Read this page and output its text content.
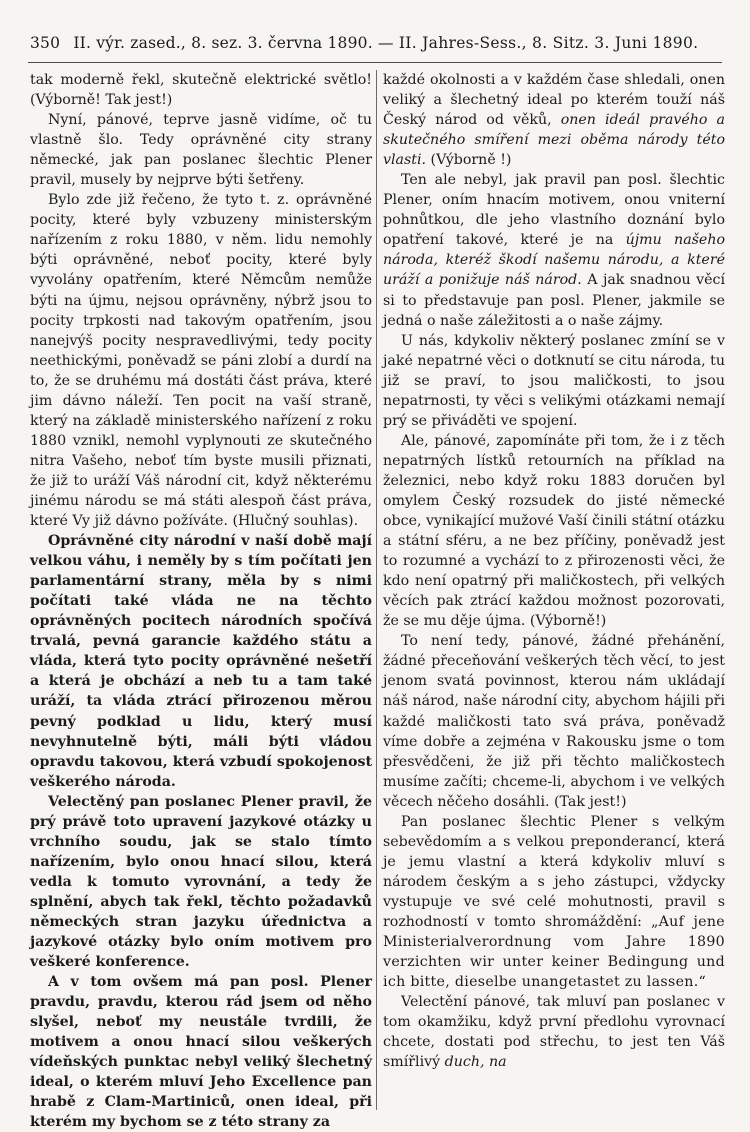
350 II. výr. zased., 8. sez. 3. června 1890. — II. Jahres-Sess., 8. Sitz. 3. Juni 1890.

tak moderně řekl, skutečně elektrické světlo! (Výborně! Tak jest!)

Nyní, pánové, teprve jasně vidíme, oč tu vlastně šlo. Tedy oprávněné city strany německé, jak pan poslanec šlechtic Plener pravil, musely by nejprve býti šetřeny.

Bylo zde již řečeno, že tyto t. z. oprávněné pocity, které byly vzbuzeny ministerským nařízením z roku 1880, v něm. lidu nemohly býti oprávněné, neboť pocity, které byly vyvolány opatřením, které Němcům nemůže býti na újmu, nejsou oprávněny, nýbrž jsou to pocity trpkosti nad takovým opatřením, jsou nanejvýš pocity nespravedlivými, tedy pocity neethickými, poněvadž se páni zlobí a durdí na to, že se druhému má dostáti část práva, které jim dávno náleží. Ten pocit na vaší straně, který na základě ministerského nařízení z roku 1880 vznikl, nemohl vyplynouti ze skutečného nitra Vašeho, neboť tím byste musili přiznati, že již to uráží Váš národní cit, když některému jinému národu se má státi alespoň část práva, které Vy již dávno požíváte. (Hlučný souhlas).

Oprávněné city národní v naší době mají velkou váhu, i neměly by s tím počítati jen parlamentární strany, měla by s nimi počítati také vláda ne na těchto oprávněných pocitech národních spočívá trvalá, pevná garancie každého státu a vláda, která tyto pocity oprávněné nešetří a která je obchází a neb tu a tam také uráží, ta vláda ztrácí přirozenou měrou pevný podklad u lidu, který musí nevyhnutelně býti, máli býti vládou opravdu takovou, která vzbudí spokojenost veškerého národa.

Velectěný pan poslanec Plener pravil, že prý právě toto upravení jazykové otázky u vrchního soudu, jak se stalo tímto nařízením, bylo onou hnací silou, která vedla k tomuto vyrovnání, a tedy že splnění, abych tak řekl, těchto požadavků německých stran jazyku úřednictva a jazykové otázky bylo oním motivem pro veškeré konference.

A v tom ovšem má pan posl. Plener pravdu, pravdu, kterou rád jsem od něho slyšel, neboť my neustále tvrdili, že motivem a onou hnací silou veškerých vídeňských punktac nebyl veliký šlechetný ideal, o kterém mluví Jeho Excellence pan hrabě z Clam-Martiniců, onen ideal, při kterém my bychom se z této strany za

každé okolnosti a v každém čase shledali, onen veliký a šlechetný ideal po kterém touží náš Český národ od věků, onen ideál pravého a skutečného smíření mezi oběma národy této vlasti. (Výborně !)

Ten ale nebyl, jak pravil pan posl. šlechtic Plener, oním hnacím motivem, onou vniterní pohnůtkou, dle jeho vlastního doznání bylo opatření takové, které je na újmu našeho národa, kteréž škodí našemu národu, a které uráží a ponižuje náš národ. A jak snadnou věcí si to představuje pan posl. Plener, jakmile se jedná o naše záležitosti a o naše zájmy.

U nás, kdykoliv některý poslanec zmíní se v jaké nepatrné věci o dotknutí se citu národa, tu již se praví, to jsou maličkosti, to jsou nepatrnosti, ty věci s velikými otázkami nemají prý se přiváděti ve spojení.

Ale, pánové, zapomínáte při tom, že i z těch nepatrných lístků retourních na příklad na železnici, nebo když roku 1883 doručen byl omylem Český rozsudek do jisté německé obce, vynikající mužové Vaší činili státní otázku a státní sféru, a ne bez příčiny, poněvadž jest to rozumné a vychází to z přirozenosti věci, že kdo není opatrný při maličkostech, při velkých věcích pak ztrácí každou možnost pozorovati, že se mu děje újma. (Výborně!)

To není tedy, pánové, žádné přehánění, žádné přeceňování veškerých těch věcí, to jest jenom svatá povinnost, kterou nám ukládají náš národ, naše národní city, abychom hájili při každé maličkosti tato svá práva, poněvadž víme dobře a zejména v Rakousku jsme o tom přesvědčeni, že již při těchto maličkostech musíme začíti; chceme-li, abychom i ve velkých věcech něčeho dosáhli. (Tak jest!)

Pan poslanec šlechtic Plener s velkým sebevědomím a s velkou preponderancí, která je jemu vlastní a která kdykoliv mluví s národem českým a s jeho zástupci, vždycky vystupuje ve své celé mohutnosti, pravil s rozhodností v tomto shromáždění: „Auf jene Ministerialverordnung vom Jahre 1890 verzichten wir unter keiner Bedingung und ich bitte, dieselbe unangetastet zu lassen.“

Velectění pánové, tak mluví pan poslanec v tom okamžiku, když první předlohu vyrovnací chcete, dostati pod střechu, to jest ten Váš smířlivý duch, na
